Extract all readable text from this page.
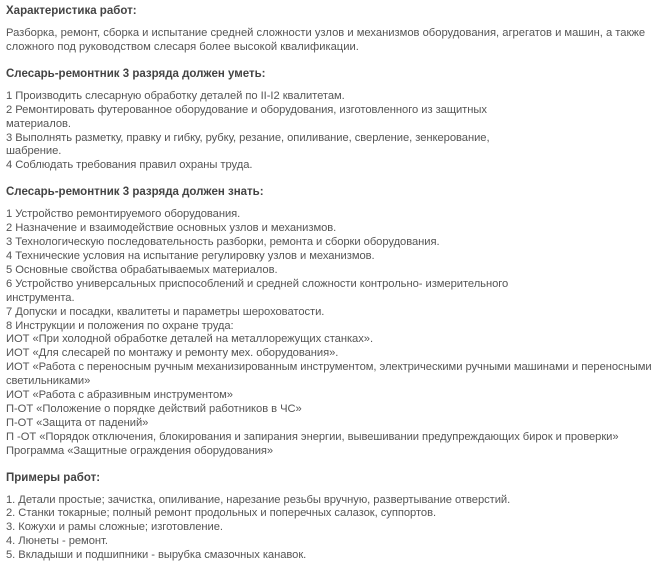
Характеристика работ:
Разборка, ремонт, сборка и испытание средней сложности узлов и механизмов оборудования, агрегатов и машин, а также
сложного под руководством слесаря более высокой квалификации.
Слесарь-ремонтник 3 разряда должен уметь:
1 Производить слесарную обработку деталей по II-I2 квалитетам.
2 Ремонтировать футерованное оборудование и оборудования, изготовленного из защитных
материалов.
3 Выполнять разметку, правку и гибку, рубку, резание, опиливание, сверление, зенкерование,
шабрение.
4 Соблюдать требования правил охраны труда.
Слесарь-ремонтник 3 разряда должен знать:
1 Устройство ремонтируемого оборудования.
2 Назначение и взаимодействие основных узлов и механизмов.
3 Технологическую последовательность разборки, ремонта и сборки оборудования.
4 Технические условия на испытание регулировку узлов и механизмов.
5 Основные свойства обрабатываемых материалов.
6 Устройство универсальных приспособлений и средней сложности контрольно- измерительного
инструмента.
7 Допуски и посадки, квалитеты и параметры шероховатости.
8 Инструкции и положения по охране труда:
ИОТ «При холодной обработке деталей на металлорежущих станках».
ИОТ «Для слесарей по монтажу и ремонту мех. оборудования».
ИОТ «Работа с переносным ручным механизированным инструментом, электрическими ручными машинами и переносными
светильниками»
ИОТ «Работа с абразивным инструментом»
П-ОТ «Положение о порядке действий работников в ЧС»
П-ОТ «Защита от падений»
П -ОТ «Порядок отключения, блокирования и запирания энергии, вывешивании предупреждающих бирок и проверки»
Программа «Защитные ограждения оборудования»
Примеры работ:
1. Детали простые; зачистка, опиливание, нарезание резьбы вручную, развертывание отверстий.
2. Станки токарные; полный ремонт продольных и поперечных салазок, суппортов.
3. Кожухи и рамы сложные; изготовление.
4. Люнеты - ремонт.
5. Вкладыши и подшипники - вырубка смазочных канавок.
